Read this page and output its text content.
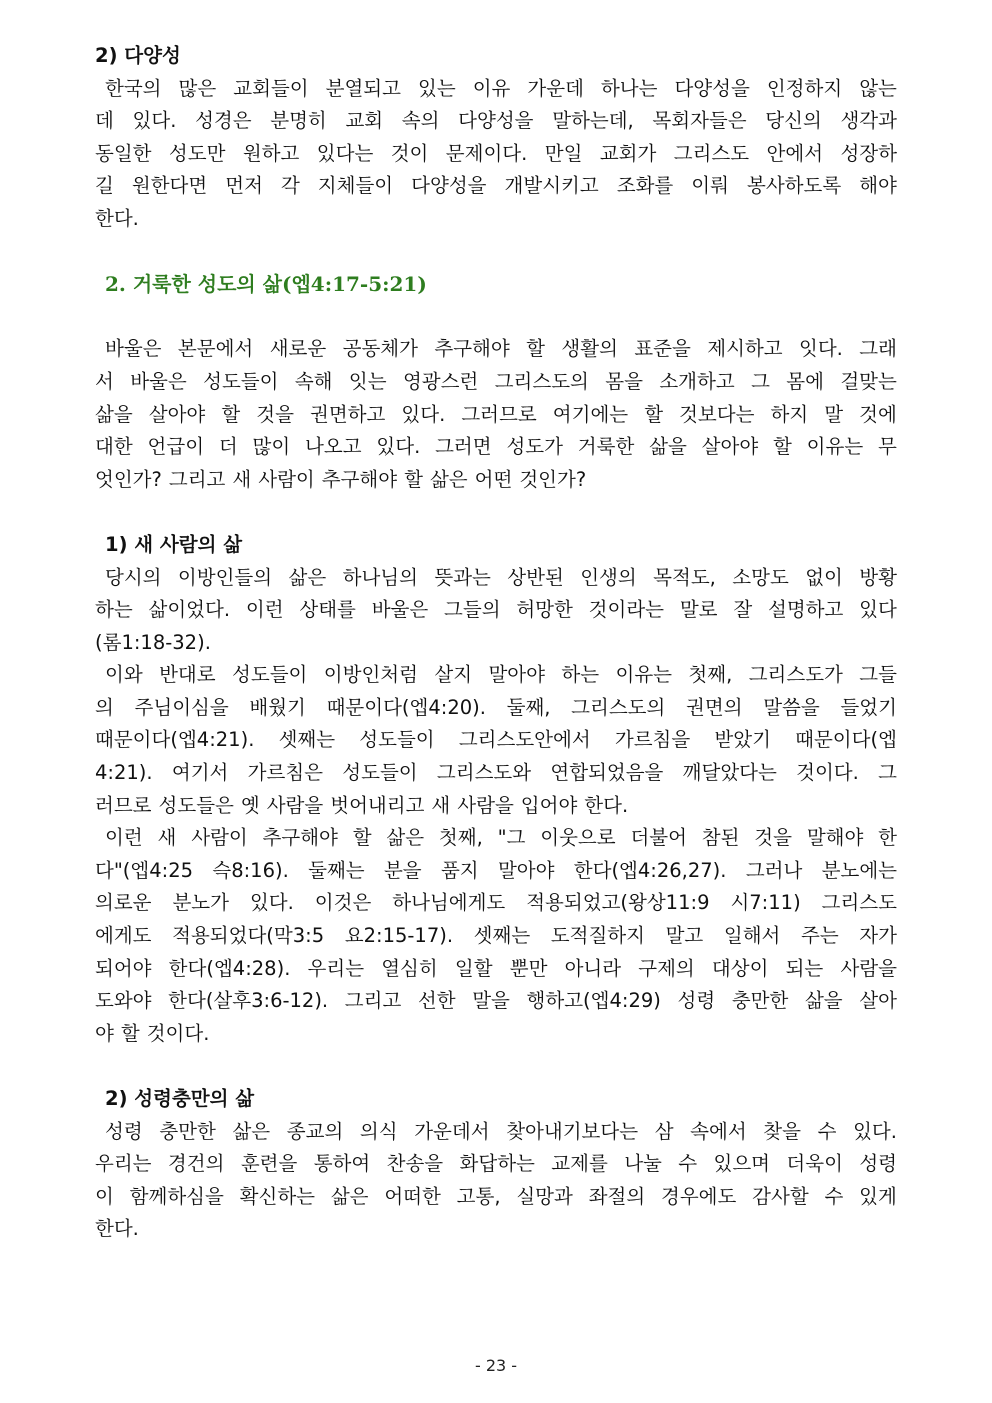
2) 다양성
한국의 많은 교회들이 분열되고 있는 이유 가운데 하나는 다양성을 인정하지 않는
데 있다. 성경은 분명히 교회 속의 다양성을 말하는데, 목회자들은 당신의 생각과
동일한 성도만 원하고 있다는 것이 문제이다. 만일 교회가 그리스도 안에서 성장하
길 원한다면 먼저 각 지체들이 다양성을 개발시키고 조화를 이뤄 봉사하도록 해야
한다.
2. 거룩한 성도의 삶(엡4:17-5:21)
바울은 본문에서 새로운 공동체가 추구해야 할 생활의 표준을 제시하고 잇다. 그래
서 바울은 성도들이 속해 잇는 영광스런 그리스도의 몸을 소개하고 그 몸에 걸맞는
삶을 살아야 할 것을 권면하고 있다. 그러므로 여기에는 할 것보다는 하지 말 것에
대한 언급이 더 많이 나오고 있다. 그러면 성도가 거룩한 삶을 살아야 할 이유는 무
엇인가? 그리고 새 사람이 추구해야 할 삶은 어떤 것인가?
1) 새 사람의 삶
당시의 이방인들의 삶은 하나님의 뜻과는 상반된 인생의 목적도, 소망도 없이 방황
하는 삶이었다. 이런 상태를 바울은 그들의 허망한 것이라는 말로 잘 설명하고 있다
(롬1:18-32).
이와 반대로 성도들이 이방인처럼 살지 말아야 하는 이유는 첫째, 그리스도가 그들
의 주님이심을 배웠기 때문이다(엡4:20). 둘째, 그리스도의 권면의 말씀을 들었기
때문이다(엡4:21). 셋째는 성도들이 그리스도안에서 가르침을 받았기 때문이다(엡
4:21). 여기서 가르침은 성도들이 그리스도와 연합되었음을 깨달았다는 것이다. 그
러므로 성도들은 옛 사람을 벗어내리고 새 사람을 입어야 한다.
이런 새 사람이 추구해야 할 삶은 첫째, "그 이웃으로 더불어 참된 것을 말해야 한
다"(엡4:25 슥8:16). 둘째는 분을 품지 말아야 한다(엡4:26,27). 그러나 분노에는
의로운 분노가 있다. 이것은 하나님에게도 적용되었고(왕상11:9 시7:11) 그리스도
에게도 적용되었다(막3:5 요2:15-17). 셋째는 도적질하지 말고 일해서 주는 자가
되어야 한다(엡4:28). 우리는 열심히 일할 뿐만 아니라 구제의 대상이 되는 사람을
도와야 한다(살후3:6-12). 그리고 선한 말을 행하고(엡4:29) 성령 충만한 삶을 살아
야 할 것이다.
2) 성령충만의 삶
성령 충만한 삶은 종교의 의식 가운데서 찾아내기보다는 삼 속에서 찾을 수 있다.
우리는 경건의 훈련을 통하여 찬송을 화답하는 교제를 나눌 수 있으며 더욱이 성령
이 함께하심을 확신하는 삶은 어떠한 고통, 실망과 좌절의 경우에도 감사할 수 있게
한다.
- 23 -
